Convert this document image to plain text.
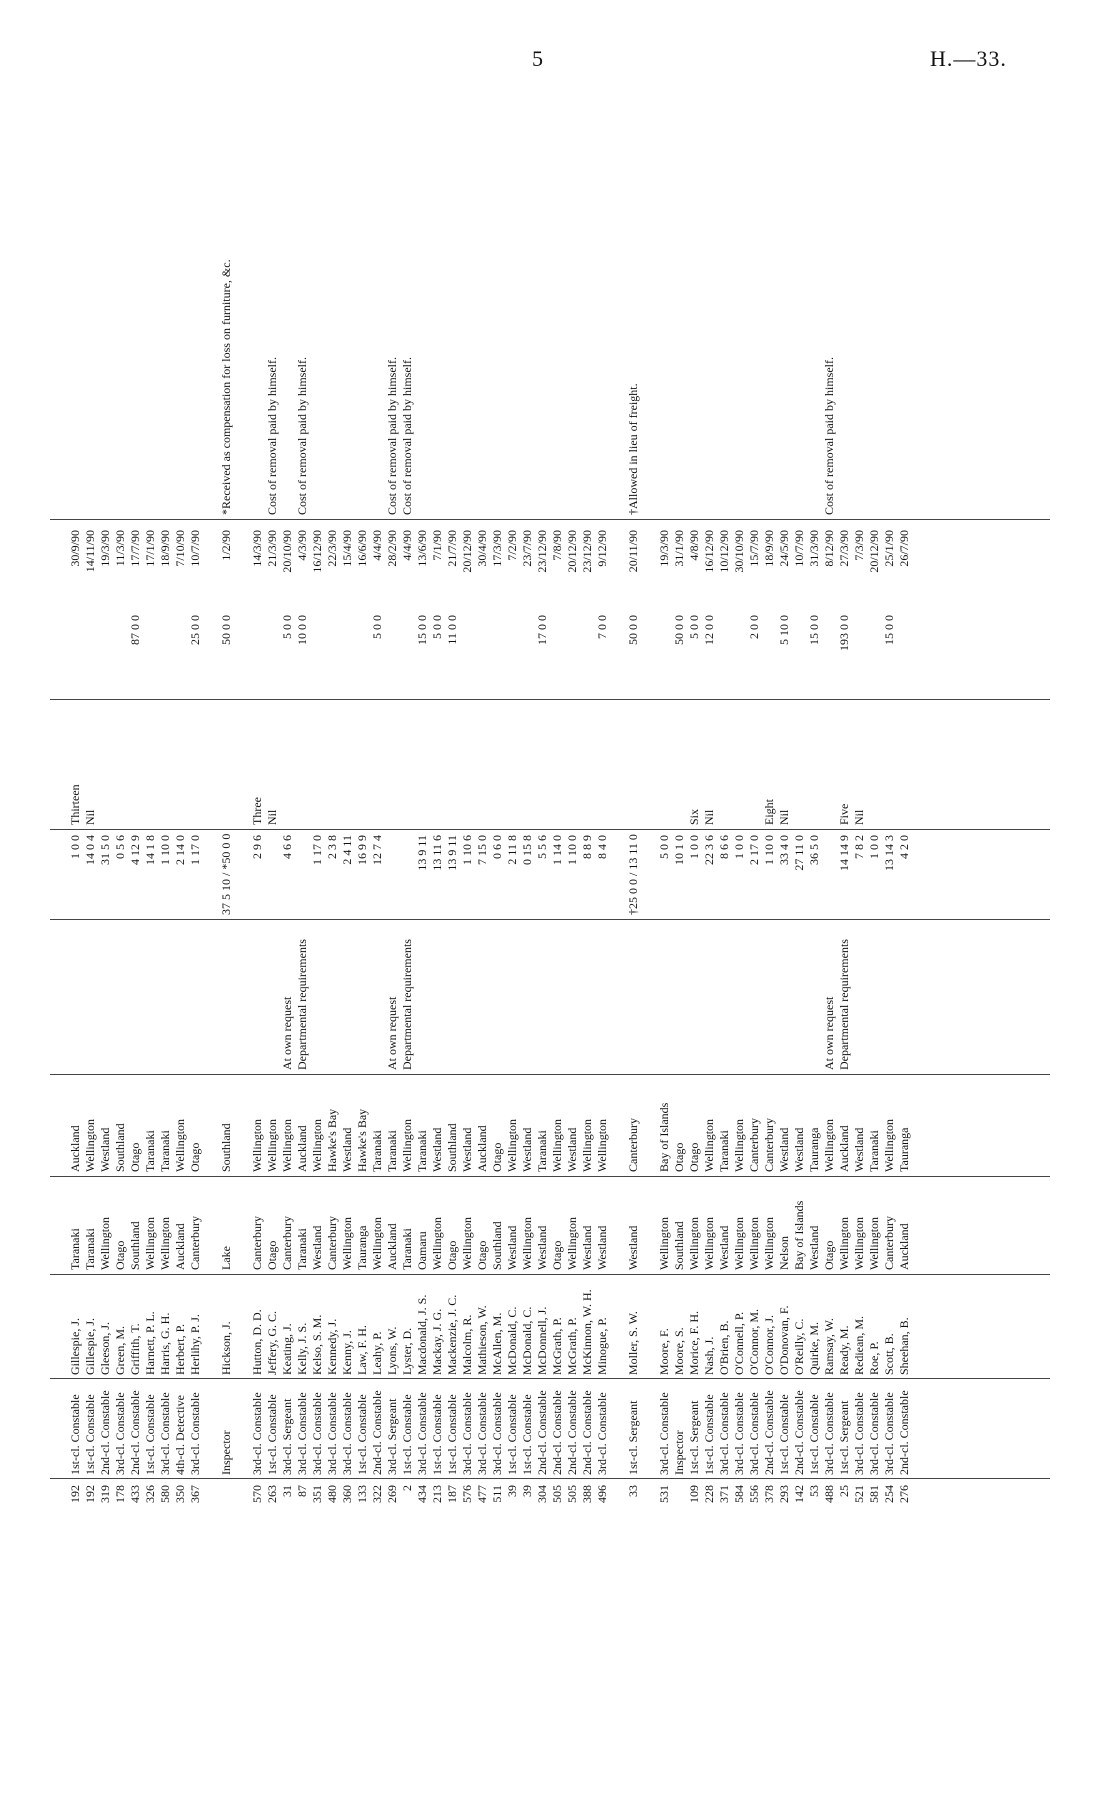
5	H.—33.
192
1st-cl. Constable
Gillespie, J.
Taranaki
Auckland
1 0 0
Thirteen
30/9/90
192
1st-cl. Constable
Gillespie, J.
Taranaki
Wellington
14 0 4
Nil
14/11/90
319
2nd-cl. Constable
Gleeson, J.
Wellington
Westland
31 5 0
19/3/90
178
3rd-cl. Constable
Green, M.
Otago
Southland
0 5 6
11/3/90
433
2nd-cl. Constable
Griffith, T.
Southland
Otago
4 12 9
87 0 0
17/7/90
326
1st-cl. Constable
Harnett, P. L.
Wellington
Taranaki
14 1 8
17/1/90
580
3rd-cl. Constable
Harris, G. H.
Wellington
Taranaki
1 10 0
18/9/90
350
4th-cl. Detective
Herbert, P.
Auckland
Wellington
2 14 0
7/10/90
367
3rd-cl. Constable
Herlihy, P. J.
Canterbury
Otago
1 17 0
25 0 0
10/7/90
Inspector
Hickson, J.
Lake
Southland
37 5 10 / *50 0 0
50 0 0
1/2/90
*Received as compensation for loss on furniture, &c.
570
3rd-cl. Constable
Hutton, D. D.
Canterbury
Wellington
2 9 6
Three
14/3/90
263
1st-cl. Constable
Jeffery, G. C.
Otago
Wellington
Nil
21/3/90
Cost of removal paid by himself.
31
3rd-cl. Sergeant
Keating, J.
Canterbury
Wellington
At own request
4 6 6
5 0 0
20/10/90
87
3rd-cl. Constable
Kelly, J. S.
Taranaki
Auckland
Departmental requirements
10 0 0
4/3/90
Cost of removal paid by himself.
351
3rd-cl. Constable
Kelso, S. M.
Westland
Wellington
1 17 0
16/12/90
480
3rd-cl. Constable
Kennedy, J.
Canterbury
Hawke's Bay
2 3 8
22/3/90
360
3rd-cl. Constable
Kenny, J.
Wellington
Westland
2 4 11
15/4/90
133
1st-cl. Constable
Law, F. H.
Tauranga
Hawke's Bay
16 9 9
16/6/90
322
2nd-cl. Constable
Leahy, P.
Wellington
Taranaki
12 7 4
5 0 0
4/4/90
269
3rd-cl. Sergeant
Lyons, W.
Auckland
Taranaki
At own request
28/2/90
Cost of removal paid by himself.
2
1st-cl. Constable
Lyster, D.
Taranaki
Wellington
Departmental requirements
4/4/90
Cost of removal paid by himself.
434
3rd-cl. Constable
Macdonald, J. S.
Oamaru
Taranaki
13 9 11
15 0 0
13/6/90
213
1st-cl. Constable
Mackay, J. G.
Wellington
Westland
13 11 6
5 0 0
7/1/90
187
1st-cl. Constable
Mackenzie, J. C.
Otago
Southland
13 9 11
11 0 0
21/7/90
576
3rd-cl. Constable
Malcolm, R.
Wellington
Westland
1 10 6
20/12/90
477
3rd-cl. Constable
Mathieson, W.
Otago
Auckland
7 15 0
30/4/90
511
3rd-cl. Constable
McAllen, M.
Southland
Otago
0 6 0
17/3/90
39
1st-cl. Constable
McDonald, C.
Westland
Wellington
2 11 8
7/2/90
39
1st-cl. Constable
McDonald, C.
Wellington
Westland
0 15 8
23/7/90
304
2nd-cl. Constable
McDonnell, J.
Westland
Taranaki
5 5 6
17 0 0
23/12/90
505
2nd-cl. Constable
McGrath, P.
Otago
Wellington
1 14 0
7/8/90
505
2nd-cl. Constable
McGrath, P.
Wellington
Westland
1 10 0
20/12/90
388
2nd-cl. Constable
McKinnon, W. H.
Westland
Wellington
8 8 9
23/12/90
496
3rd-cl. Constable
Minogue, P.
Westland
Wellington
8 4 0
7 0 0
9/12/90
33
1st-cl. Sergeant
Moller, S. W.
Westland
Canterbury
†25 0 0 / 13 11 0
50 0 0
20/11/90
†Allowed in lieu of freight.
531
3rd-cl. Constable
Moore, F.
Wellington
Bay of Islands
5 0 0
19/3/90
Inspector
Moore, S.
Southland
Otago
10 1 0
50 0 0
31/1/90
109
1st-cl. Sergeant
Morice, F. H.
Wellington
Otago
1 0 0
Six
5 0 0
4/8/90
228
1st-cl. Constable
Nash, J.
Wellington
Wellington
22 3 6
Nil
12 0 0
16/12/90
371
3rd-cl. Constable
O'Brien, B.
Westland
Taranaki
8 6 6
10/12/90
584
3rd-cl. Constable
O'Connell, P.
Wellington
Wellington
1 0 0
30/10/90
556
3rd-cl. Constable
O'Connor, M.
Wellington
Canterbury
2 17 0
2 0 0
15/7/90
378
2nd-cl. Constable
O'Connor, J.
Wellington
Canterbury
1 10 0
Eight
18/9/90
293
1st-cl. Constable
O'Donovan, F.
Nelson
Westland
33 4 0
Nil
5 10 0
24/5/90
142
2nd-cl. Constable
O'Reilly, C.
Bay of Islands
Westland
27 11 0
10/7/90
53
1st-cl. Constable
Quirke, M.
Westland
Tauranga
36 5 0
15 0 0
31/3/90
488
3rd-cl. Constable
Ramsay, W.
Otago
Wellington
At own request
8/12/90
Cost of removal paid by himself.
25
1st-cl. Sergeant
Ready, M.
Wellington
Auckland
Departmental requirements
14 14 9
Five
193 0 0
27/3/90
521
3rd-cl. Constable
Rediean, M.
Wellington
Westland
7 8 2
Nil
7/3/90
581
3rd-cl. Constable
Roe, P.
Wellington
Taranaki
1 0 0
20/12/90
254
3rd-cl. Constable
Scott, B.
Canterbury
Wellington
13 14 3
15 0 0
25/1/90
276
2nd-cl. Constable
Sheehan, B.
Auckland
Tauranga
4 2 0
26/7/90
